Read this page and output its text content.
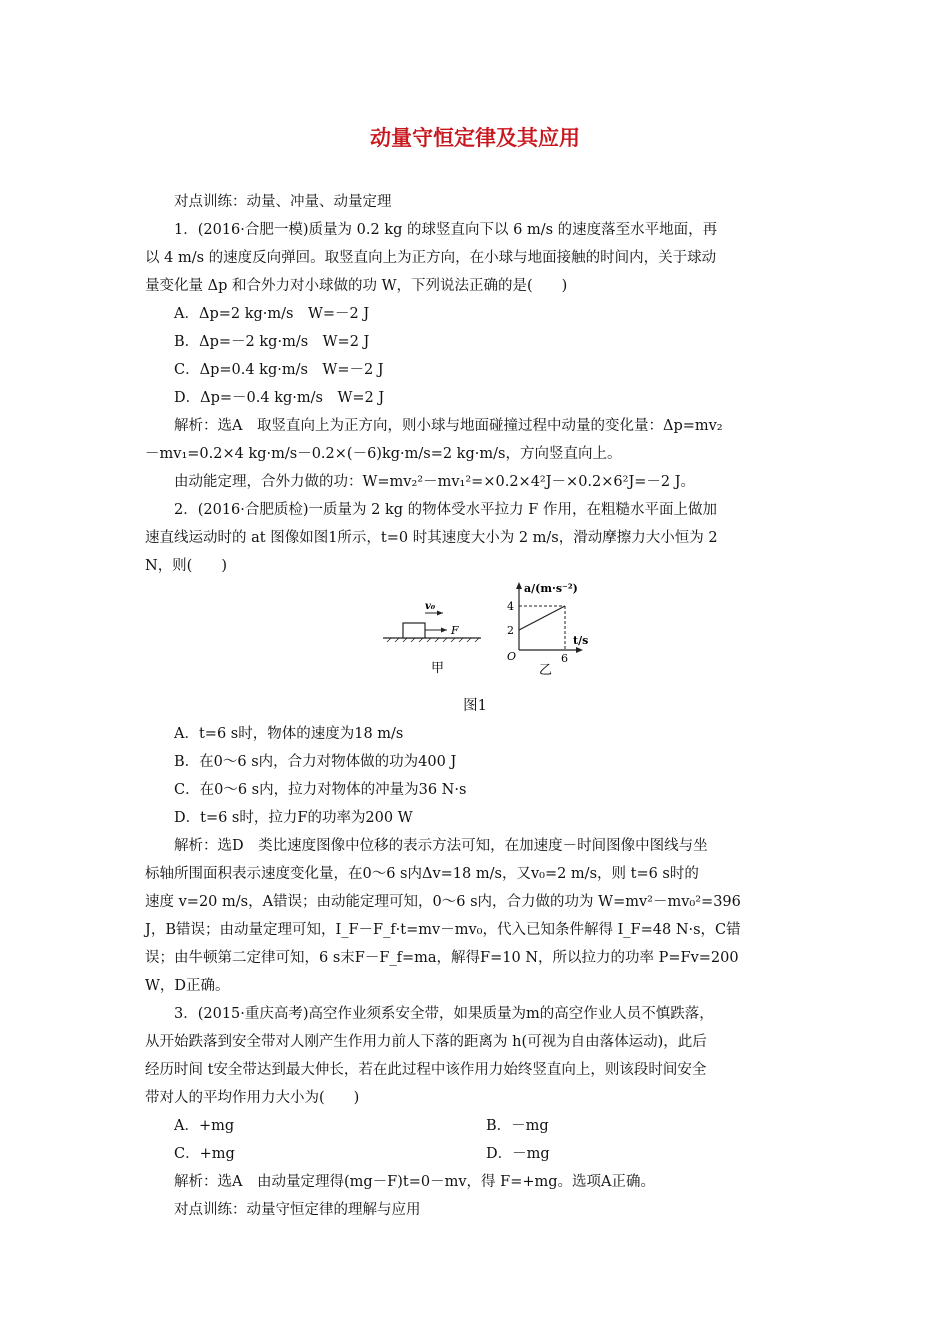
动量守恒定律及其应用

对点训练：动量、冲量、动量定理

1．(2016·合肥一模)质量为 0.2 kg 的球竖直向下以 6 m/s 的速度落至水平地面，再

以 4 m/s 的速度反向弹回。取竖直向上为正方向，在小球与地面接触的时间内，关于球动

量变化量 Δp 和合外力对小球做的功 W，下列说法正确的是(　　)

A．Δp=2 kg·m/s　W=－2 J

B．Δp=－2 kg·m/s　W=2 J

C．Δp=0.4 kg·m/s　W=－2 J

D．Δp=－0.4 kg·m/s　W=2 J

解析：选A　取竖直向上为正方向，则小球与地面碰撞过程中动量的变化量：Δp=mv₂

－mv₁=0.2×4 kg·m/s－0.2×(－6)kg·m/s=2 kg·m/s，方向竖直向上。

由动能定理，合外力做的功：W=mv₂²－mv₁²=×0.2×4²J－×0.2×6²J=－2 J。

2．(2016·合肥质检)一质量为 2 kg 的物体受水平拉力 F 作用，在粗糙水平面上做加

速直线运动时的 at 图像如图1所示，t=0 时其速度大小为 2 m/s，滑动摩擦力大小恒为 2

N，则(　　)

v₀
F
甲
a/(m·s⁻²)
t/s
4
2
O	6
乙

图1

A．t=6 s时，物体的速度为18 m/s

B．在0～6 s内，合力对物体做的功为400 J

C．在0～6 s内，拉力对物体的冲量为36 N·s

D．t=6 s时，拉力F的功率为200 W

解析：选D　类比速度图像中位移的表示方法可知，在加速度－时间图像中图线与坐

标轴所围面积表示速度变化量，在0～6 s内Δv=18 m/s，又v₀=2 m/s，则 t=6 s时的

速度 v=20 m/s，A错误；由动能定理可知，0～6 s内，合力做的功为 W=mv²－mv₀²=396

J，B错误；由动量定理可知，I_F－F_f·t=mv－mv₀，代入已知条件解得 I_F=48 N·s，C错

误；由牛顿第二定律可知，6 s末F－F_f=ma，解得F=10 N，所以拉力的功率 P=Fv=200

W，D正确。

3．(2015·重庆高考)高空作业须系安全带，如果质量为m的高空作业人员不慎跌落，

从开始跌落到安全带对人刚产生作用力前人下落的距离为 h(可视为自由落体运动)，此后

经历时间 t安全带达到最大伸长，若在此过程中该作用力始终竖直向上，则该段时间安全

带对人的平均作用力大小为(　　)

A．+mg	B．－mg
C．+mg	D．－mg

解析：选A　由动量定理得(mg－F)t=0－mv，得 F=+mg。选项A正确。

对点训练：动量守恒定律的理解与应用
